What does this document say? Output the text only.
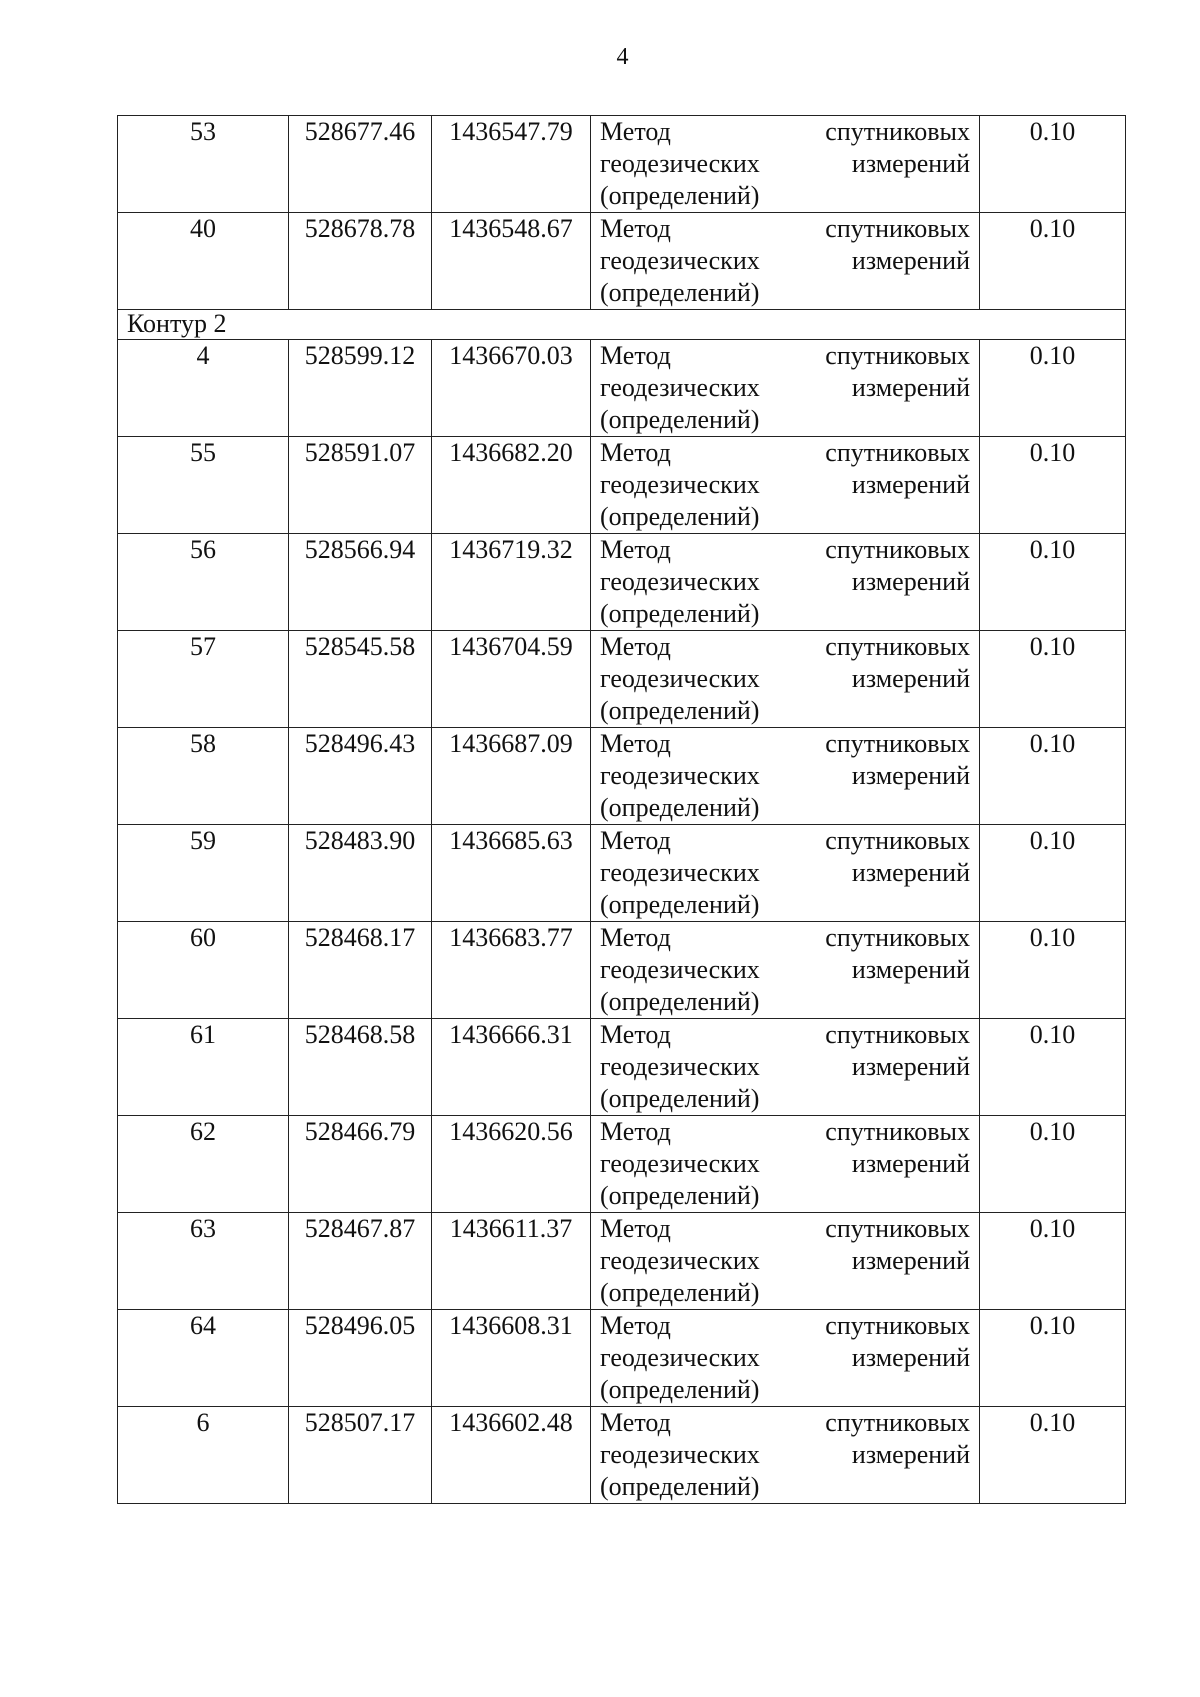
4
53	528677.46	1436547.79	Метод спутниковых
геодезических измерений
(определений)	0.10
40	528678.78	1436548.67	Метод спутниковых
геодезических измерений
(определений)	0.10
Контур 2				
4	528599.12	1436670.03	Метод спутниковых
геодезических измерений
(определений)	0.10
55	528591.07	1436682.20	Метод спутниковых
геодезических измерений
(определений)	0.10
56	528566.94	1436719.32	Метод спутниковых
геодезических измерений
(определений)	0.10
57	528545.58	1436704.59	Метод спутниковых
геодезических измерений
(определений)	0.10
58	528496.43	1436687.09	Метод спутниковых
геодезических измерений
(определений)	0.10
59	528483.90	1436685.63	Метод спутниковых
геодезических измерений
(определений)	0.10
60	528468.17	1436683.77	Метод спутниковых
геодезических измерений
(определений)	0.10
61	528468.58	1436666.31	Метод спутниковых
геодезических измерений
(определений)	0.10
62	528466.79	1436620.56	Метод спутниковых
геодезических измерений
(определений)	0.10
63	528467.87	1436611.37	Метод спутниковых
геодезических измерений
(определений)	0.10
64	528496.05	1436608.31	Метод спутниковых
геодезических измерений
(определений)	0.10
6	528507.17	1436602.48	Метод спутниковых
геодезических измерений
(определений)	0.10
